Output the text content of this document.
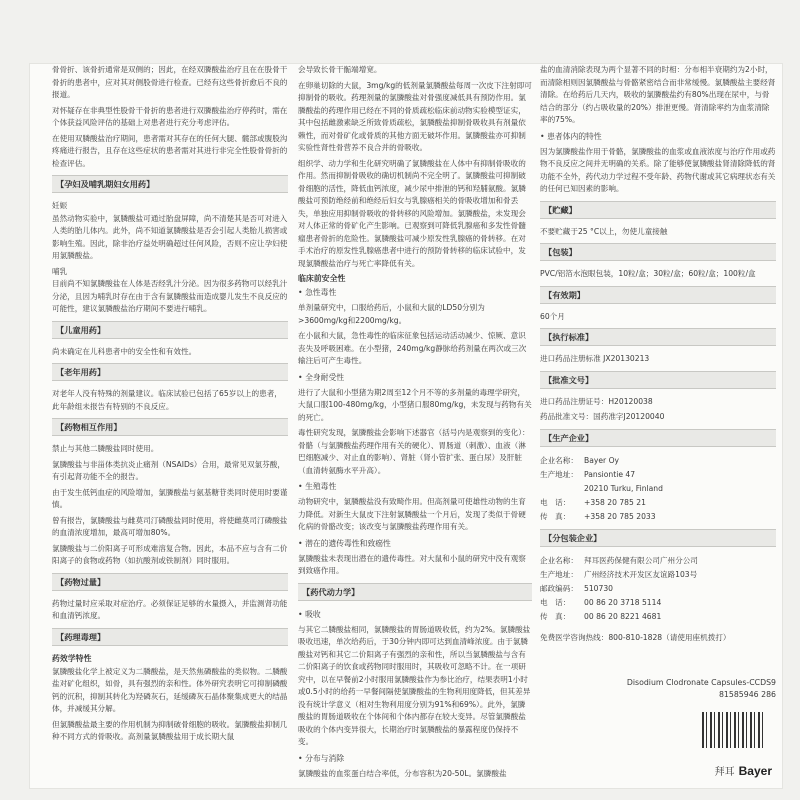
骨骨折、该骨折通常是双侧的；因此，在经双膦酸盐治疗且在在股骨干骨折的患者中，应对其对侧股骨进行检查。已经有这些骨折愈后不良的报道。

对怀疑存在非典型性股骨干骨折的患者进行双膦酸盐治疗停药时，需在个体获益风险评估的基础上对患者进行充分考虑评估。

在使用双膦酸盐治疗期间，患者需对其存在的任何大腿、髋部或腹股沟疼痛进行报告，且存在这些症状的患者需对其进行非完全性股骨骨折的检查评估。

【孕妇及哺乳期妇女用药】
妊娠

虽然动物实验中，氯膦酸盐可通过胎盘屏障，尚不清楚其是否可对进入人类的胎儿体内。此外，尚不知道氯膦酸盐是否会引起人类胎儿损害或影响生殖。因此，除非治疗益处明确超过任何风险，否则不应让孕妇使用氯膦酸盐。

哺乳

目前尚不知氯膦酸盐在人体是否经乳汁分泌。因为很多药物可以经乳汁分泌，且因为哺乳时存在由于含有氯膦酸盐而造成婴儿发生不良反应的可能性，建议氯膦酸盐治疗期间不要进行哺乳。

【儿童用药】

尚未确定在儿科患者中的安全性和有效性。

【老年用药】

对老年人没有特殊的剂量建议。临床试验已包括了65岁以上的患者，此年龄组未报告有特别的不良反应。

【药物相互作用】

禁止与其他二膦酸盐同时使用。

氯膦酸盐与非甾体类抗炎止痛剂（NSAIDs）合用，最常见双氯芬酸，有引起肾功能不全的报告。

由于发生低钙血症的风险增加，氯膦酸盐与氨基糖苷类同时使用时要谨慎。

曾有报告，氯膦酸盐与雌莫司汀磷酸盐同时使用，将使雌莫司汀磷酸盐的血清浓度增加，最高可增加80%。

氯膦酸盐与二价阳离子可形成难溶复合物。因此，本品不应与含有二价阳离子的食物或药物（如抗酸剂或铁制剂）同时服用。

【药物过量】

药物过量时应采取对症治疗。必须保证足够的水量摄入，并监测肾功能和血清钙浓度。

【药理毒理】
药效学特性

氯膦酸盐化学上被定义为二膦酸盐，是天然焦磷酸盐的类似物。二膦酸盐对矿化组织，如骨，具有强烈的亲和性。体外研究表明它可抑制磷酸钙的沉积，抑制其转化为羟磷灰石，延缓磷灰石晶体聚集成更大的结晶体，并减缓其分解。

但氯膦酸盐最主要的作用机制为抑制破骨细胞的吸收。氯膦酸盐抑制几种不同方式的骨吸收。高剂量氯膦酸盐用于成长期大鼠

会导致长骨干骺端增宽。

在卵巢切除的大鼠，3mg/kg的低剂量氯膦酸盐每周一次皮下注射即可抑制骨的吸收。药理剂量的氯膦酸盐对骨强度减低具有预防作用。氯膦酸盐的药理作用已经在不同的骨质疏松临床前动物实验模型证实，其中包括雌激素缺乏所致骨质疏松，氯膦酸盐抑制骨吸收具有剂量依赖性，而对骨矿化或骨质的其他方面无破坏作用。氯膦酸盐亦可抑制实验性肾性骨营养不良合并的骨吸收。

组织学、动力学和生化研究明确了氯膦酸盐在人体中有抑制骨吸收的作用。然而抑制骨吸收的确切机制尚不完全明了。氯膦酸盐可抑制破骨细胞的活性，降低血钙浓度，减少尿中排泄的钙和羟脯氨酸。氯膦酸盐可预防绝经前和绝经后妇女与乳腺癌相关的骨吸收增加和骨丢失，单独应用抑制骨吸收的骨转移的风险增加。氯膦酸盐，未发现会对人体正常的骨矿化产生影响。已观察到可降低乳腺癌和多发性骨髓瘤患者骨折的危险性。氯膦酸盐可减少原发性乳腺癌的骨转移。在对手术治疗的原发性乳腺癌患者中进行的预防骨转移的临床试验中，发现氯膦酸盐治疗与死亡率降低有关。

临床前安全性
• 急性毒性

单剂量研究中，口服给药后，小鼠和大鼠的LD50分别为 >3600mg/kg和2200mg/kg。

在小鼠和大鼠，急性毒性的临床征象包括运动活动减少、惊厥、意识丧失及呼吸困难。在小型猪，240mg/kg静脉给药剂量在两次或三次输注后可产生毒性。

• 全身耐受性

进行了大鼠和小型猪为期2周至12个月不等的多剂量的毒理学研究，大鼠口服100-480mg/kg，小型猪口服80mg/kg，未发现与药物有关的死亡。

毒性研究发现，氯膦酸盐会影响下述器官（括号内是观察到的变化）：骨骼（与氯膦酸盐药理作用有关的硬化）、胃肠道（刺激）、血液（淋巴细胞减少、对止血的影响）、肾脏（肾小管扩张、蛋白尿）及肝脏（血清转氨酶水平升高）。

• 生殖毒性

动物研究中，氯膦酸盐没有致畸作用。但高剂量可使雄性动物的生育力降低。对新生大鼠皮下注射氯膦酸盐一个月后，发现了类似于骨硬化病的骨骼改变；该改变与氯膦酸盐药理作用有关。

• 潜在的遗传毒性和致癌性

氯膦酸盐未表现出潜在的遗传毒性。对大鼠和小鼠的研究中没有观察到致癌作用。

【药代动力学】
• 吸收

与其它二膦酸盐相同，氯膦酸盐的胃肠道吸收低，约为2%。氯膦酸盐吸收迅速，单次给药后，于30分钟内即可达到血清峰浓度。由于氯膦酸盐对钙和其它二价阳离子有强烈的亲和性，所以当氯膦酸盐与含有二价阳离子的饮食或药物同时服用时，其吸收可忽略不计。在一项研究中，以在早餐前2小时服用氯膦酸盐作为参比治疗，结果表明1小时或0.5小时的给药一早餐间隔使氯膦酸盐的生物利用度降低，但其差异没有统计学意义（相对生物利用度分别为91%和69%）。此外，氯膦酸盐的胃肠道吸收在个体间和个体内都存在较大变异。尽管氯膦酸盐吸收的个体内变异很大，长期治疗时氯膦酸盐的暴露程度仍保持不变。

• 分布与消除

氯膦酸盐的血浆蛋白结合率低，分布容积为20-50L。氯膦酸盐

盐的血清消除表现为两个显著不同的时相：分布相半衰期约为2小时，而清除相则因氯膦酸盐与骨骼紧密结合而非常缓慢。氯膦酸盐主要经肾清除。在给药后几天内，吸收的氯膦酸盐约有80%出现在尿中，与骨结合的部分（约占吸收量的20%）排泄更慢。肾清除率约为血浆清除率的75%。

• 患者体内的特性

因为氯膦酸盐作用于骨骼，氯膦酸盐的血浆或血液浓度与治疗作用或药物不良反应之间并无明确的关系。除了能够使氯膦酸盐肾清除降低的肾功能不全外，药代动力学过程不受年龄、药物代谢或其它病理状态有关的任何已知因素的影响。

【贮藏】

不要贮藏于25 °C以上，勿使儿童接触

【包装】

PVC/铝箔水泡眼包装，10粒/盒；30粒/盒；60粒/盒；100粒/盒

【有效期】

60个月

【执行标准】

进口药品注册标准 JX20130213

【批准文号】

进口药品注册证号：H20120038

药品批准文号：国药准字J20120040

【生产企业】
企业名称： Bayer Oy
生产地址： Pansiontie 47
20210 Turku, Finland
电　话：	+358 20 785 21
传　真：	+358 20 785 2033
【分包装企业】
企业名称： 拜耳医药保健有限公司广州分公司
生产地址： 广州经济技术开发区友谊路103号
邮政编码： 510730
电　话：	00 86 20 3718 5114
传　真：	00 86 20 8221 4681

免费医学咨询热线：800-810-1828（请使用座机拨打）

Disodium Clodronate Capsules-CCDS9
81585946 286
拜耳 Bayer
